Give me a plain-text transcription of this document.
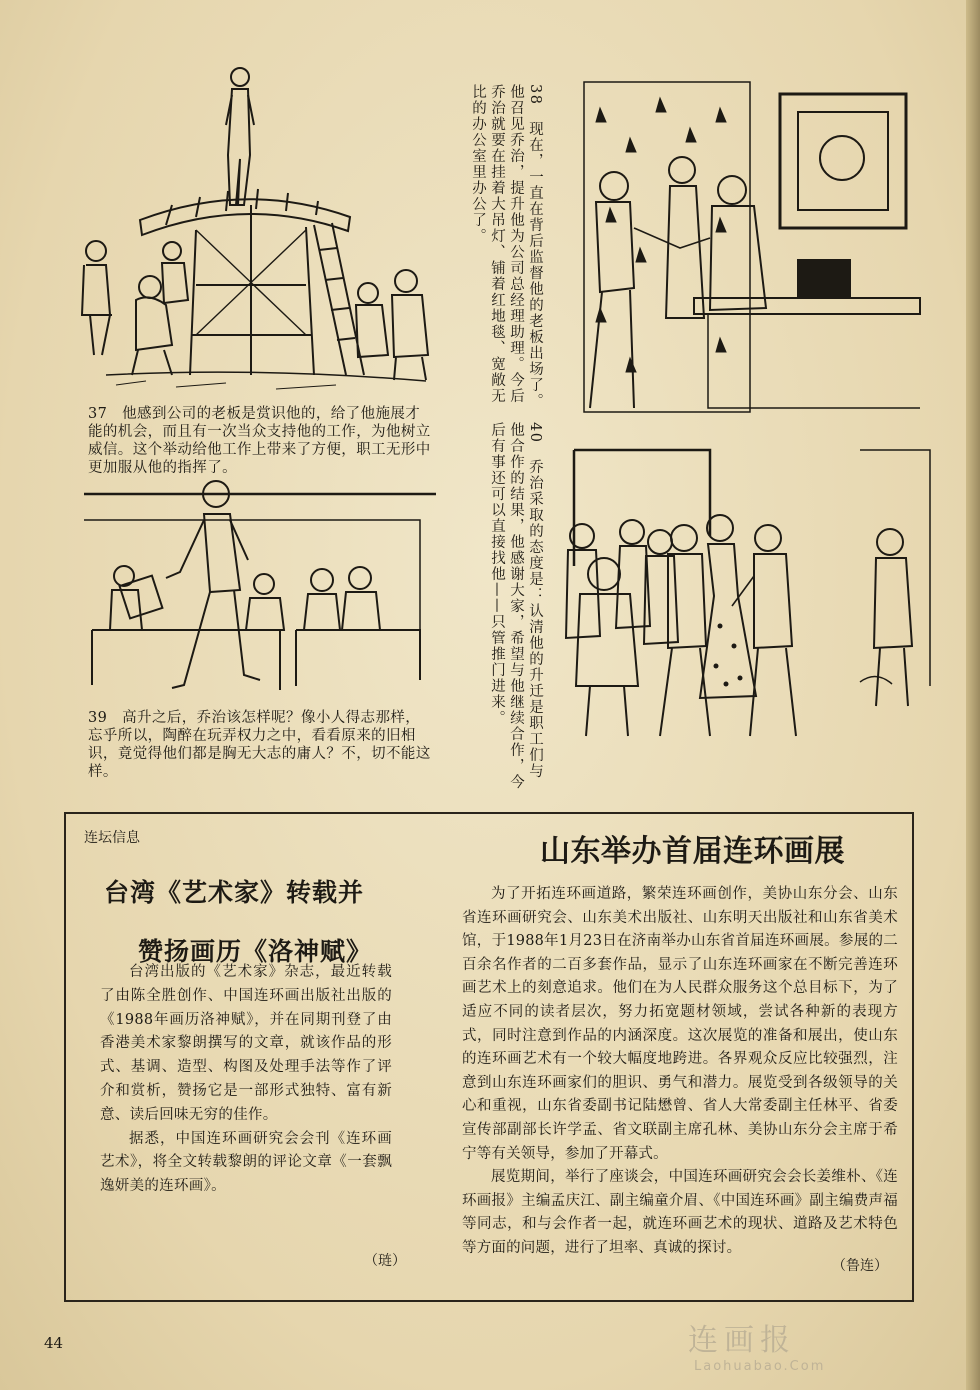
37　他感到公司的老板是赏识他的，给了他施展才能的机会，而且有一次当众支持他的工作，为他树立威信。这个举动给他工作上带来了方便，职工无形中更加服从他的指挥了。
39　高升之后，乔治该怎样呢？像小人得志那样，忘乎所以，陶醉在玩弄权力之中，看看原来的旧相识，竟觉得他们都是胸无大志的庸人？不，切不能这样。
38　现在，一直在背后监督他的老板出场了。他召见乔治，提升他为公司总经理助理。今后乔治就要在挂着大吊灯、铺着红地毯、宽敞无比的办公室里办公了。
40　乔治采取的态度是：认清他的升迁是职工们与他合作的结果，他感谢大家，希望与他继续合作，今后有事还可以直接找他——只管推门进来。
连坛信息
台湾《艺术家》转载并
赞扬画历《洛神赋》

台湾出版的《艺术家》杂志，最近转载了由陈全胜创作、中国连环画出版社出版的《1988年画历洛神赋》，并在同期刊登了由香港美术家黎朗撰写的文章，就该作品的形式、基调、造型、构图及处理手法等作了评介和赏析，赞扬它是一部形式独特、富有新意、读后回味无穷的佳作。

据悉，中国连环画研究会会刊《连环画艺术》，将全文转载黎朗的评论文章《一套飘逸妍美的连环画》。

（琏）
山东举办首届连环画展

为了开拓连环画道路，繁荣连环画创作，美协山东分会、山东省连环画研究会、山东美术出版社、山东明天出版社和山东省美术馆，于1988年1月23日在济南举办山东省首届连环画展。参展的二百余名作者的二百多套作品，显示了山东连环画家在不断完善连环画艺术上的刻意追求。他们在为人民群众服务这个总目标下，为了适应不同的读者层次，努力拓宽题材领域，尝试各种新的表现方式，同时注意到作品的内涵深度。这次展览的准备和展出，使山东的连环画艺术有一个较大幅度地跨进。各界观众反应比较强烈，注意到山东连环画家们的胆识、勇气和潜力。展览受到各级领导的关心和重视，山东省委副书记陆懋曾、省人大常委副主任林平、省委宣传部副部长许学孟、省文联副主席孔林、美协山东分会主席于希宁等有关领导，参加了开幕式。

展览期间，举行了座谈会，中国连环画研究会会长姜维朴、《连环画报》主编孟庆江、副主编童介眉、《中国连环画》副主编费声福等同志，和与会作者一起，就连环画艺术的现状、道路及艺术特色等方面的问题，进行了坦率、真诚的探讨。

（鲁连）
44	连画报
Laohuabao.Com
